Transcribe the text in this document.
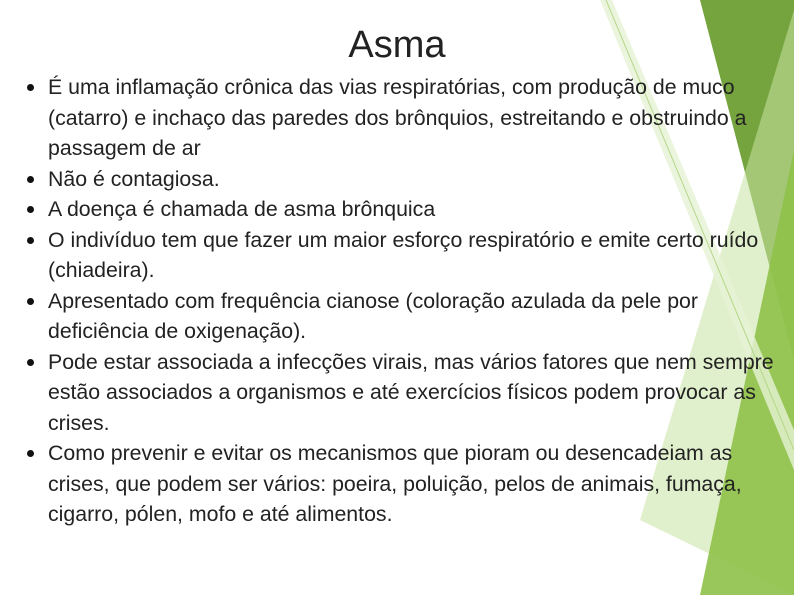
Asma
É uma inflamação crônica das vias respiratórias, com produção de muco (catarro) e inchaço das paredes dos brônquios, estreitando e obstruindo a passagem de ar
Não é contagiosa.
A doença é chamada de asma brônquica
O indivíduo tem que fazer um maior esforço respiratório e emite certo ruído (chiadeira).
Apresentado com frequência cianose (coloração azulada da pele por deficiência de oxigenação).
Pode estar associada a infecções virais, mas vários fatores que nem sempre estão associados a organismos e até exercícios físicos podem provocar as crises.
Como prevenir e evitar os mecanismos que pioram ou desencadeiam as crises, que podem ser vários: poeira, poluição, pelos de animais, fumaça, cigarro, pólen, mofo e até alimentos.
